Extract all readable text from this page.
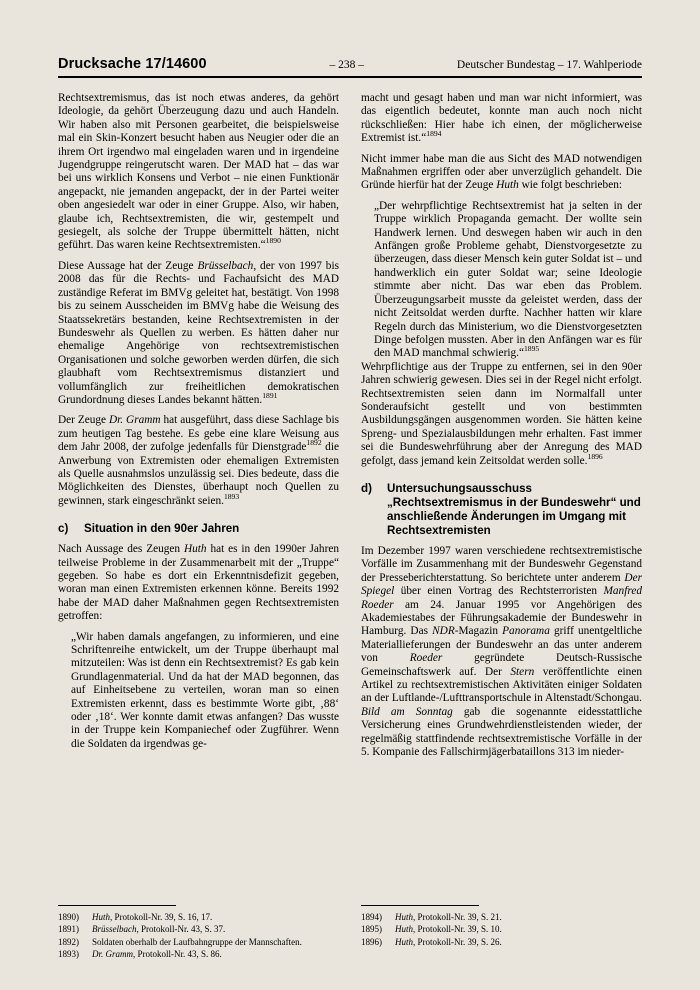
Drucksache 17/14600	– 238 –	Deutscher Bundestag – 17. Wahlperiode

Rechtsextremismus, das ist noch etwas anderes, da gehört Ideologie, da gehört Überzeugung dazu und auch Handeln. Wir haben also mit Personen gearbeitet, die beispielsweise mal ein Skin-Konzert besucht haben aus Neugier oder die an ihrem Ort irgendwo mal eingeladen waren und in irgendeine Jugendgruppe reingerutscht waren. Der MAD hat – das war bei uns wirklich Konsens und Verbot – nie einen Funktionär angepackt, nie jemanden angepackt, der in der Partei weiter oben angesiedelt war oder in einer Gruppe. Also, wir haben, glaube ich, Rechtsextremisten, die wir, gestempelt und gesiegelt, als solche der Truppe übermittelt hätten, nicht geführt. Das waren keine Rechtsextremisten.“$^{1890}$

Diese Aussage hat der Zeuge Brüsselbach, der von 1997 bis 2008 das für die Rechts- und Fachaufsicht des MAD zuständige Referat im BMVg geleitet hat, bestätigt. Von 1998 bis zu seinem Ausscheiden im BMVg habe die Weisung des Staatssekretärs bestanden, keine Rechtsextremisten in der Bundeswehr als Quellen zu werben. Es hätten daher nur ehemalige Angehörige von rechtsextremistischen Organisationen und solche geworben werden dürfen, die sich glaubhaft vom Rechtsextremismus distanziert und vollumfänglich zur freiheitlichen demokratischen Grundordnung dieses Landes bekannt hätten.$^{1891}$

Der Zeuge Dr. Gramm hat ausgeführt, dass diese Sachlage bis zum heutigen Tag bestehe. Es gebe eine klare Weisung aus dem Jahr 2008, der zufolge jedenfalls für Dienstgrade$^{1892}$ die Anwerbung von Extremisten oder ehemaligen Extremisten als Quelle ausnahmslos unzulässig sei. Dies bedeute, dass die Möglichkeiten des Dienstes, überhaupt noch Quellen zu gewinnen, stark eingeschränkt seien.$^{1893}$

c)	Situation in den 90er Jahren

Nach Aussage des Zeugen Huth hat es in den 1990er Jahren teilweise Probleme in der Zusammenarbeit mit der „Truppe“ gegeben. So habe es dort ein Erkenntnisdefizit gegeben, woran man einen Extremisten erkennen könne. Bereits 1992 habe der MAD daher Maßnahmen gegen Rechtsextremisten getroffen:

„Wir haben damals angefangen, zu informieren, und eine Schriftenreihe entwickelt, um der Truppe überhaupt mal mitzuteilen: Was ist denn ein Rechtsextremist? Es gab kein Grundlagenmaterial. Und da hat der MAD begonnen, das auf Einheitsebene zu verteilen, woran man so einen Extremisten erkennt, dass es bestimmte Worte gibt, ‚88‘ oder ‚18‘. Wer konnte damit etwas anfangen? Das wusste in der Truppe kein Kompaniechef oder Zugführer. Wenn die Soldaten da irgendwas ge-

macht und gesagt haben und man war nicht informiert, was das eigentlich bedeutet, konnte man auch noch nicht rückschließen: Hier habe ich einen, der möglicherweise Extremist ist.“$^{1894}$

Nicht immer habe man die aus Sicht des MAD notwendigen Maßnahmen ergriffen oder aber unverzüglich gehandelt. Die Gründe hierfür hat der Zeuge Huth wie folgt beschrieben:

„Der wehrpflichtige Rechtsextremist hat ja selten in der Truppe wirklich Propaganda gemacht. Der wollte sein Handwerk lernen. Und deswegen haben wir auch in den Anfängen große Probleme gehabt, Dienstvorgesetzte zu überzeugen, dass dieser Mensch kein guter Soldat ist – und handwerklich ein guter Soldat war; seine Ideologie stimmte aber nicht. Das war eben das Problem. Überzeugungsarbeit musste da geleistet werden, dass der nicht Zeitsoldat werden durfte. Nachher hatten wir klare Regeln durch das Ministerium, wo die Dienstvorgesetzten Dinge befolgen mussten. Aber in den Anfängen war es für den MAD manchmal schwierig.“$^{1895}$

Wehrpflichtige aus der Truppe zu entfernen, sei in den 90er Jahren schwierig gewesen. Dies sei in der Regel nicht erfolgt. Rechtsextremisten seien dann im Normalfall unter Sonderaufsicht gestellt und von bestimmten Ausbildungsgängen ausgenommen worden. Sie hätten keine Spreng- und Spezialausbildungen mehr erhalten. Fast immer sei die Bundeswehrführung aber der Anregung des MAD gefolgt, dass jemand kein Zeitsoldat werden solle.$^{1896}$

d)	Untersuchungsausschuss „Rechtsextremismus in der Bundeswehr“ und anschließende Änderungen im Umgang mit Rechtsextremisten

Im Dezember 1997 waren verschiedene rechtsextremistische Vorfälle im Zusammenhang mit der Bundeswehr Gegenstand der Presseberichterstattung. So berichtete unter anderem Der Spiegel über einen Vortrag des Rechtsterroristen Manfred Roeder am 24. Januar 1995 vor Angehörigen des Akademiestabes der Führungsakademie der Bundeswehr in Hamburg. Das NDR-Magazin Panorama griff unentgeltliche Materiallieferungen der Bundeswehr an das unter anderem von Roeder gegründete Deutsch-Russische Gemeinschaftswerk auf. Der Stern veröffentlichte einen Artikel zu rechtsextremistischen Aktivitäten einiger Soldaten an der Luftlande-/Lufttransportschule in Altenstadt/Schongau. Bild am Sonntag gab die sogenannte eidesstattliche Versicherung eines Grundwehrdienstleistenden wieder, der regelmäßig stattfindende rechtsextremistische Vorfälle in der 5. Kompanie des Fallschirmjägerbataillons 313 im nieder-

1890)	Huth, Protokoll-Nr. 39, S. 16, 17.
1891)	Brüsselbach, Protokoll-Nr. 43, S. 37.
1892)	Soldaten oberhalb der Laufbahngruppe der Mannschaften.
1893)	Dr. Gramm, Protokoll-Nr. 43, S. 86.
1894)	Huth, Protokoll-Nr. 39, S. 21.
1895)	Huth, Protokoll-Nr. 39, S. 10.
1896)	Huth, Protokoll-Nr. 39, S. 26.
